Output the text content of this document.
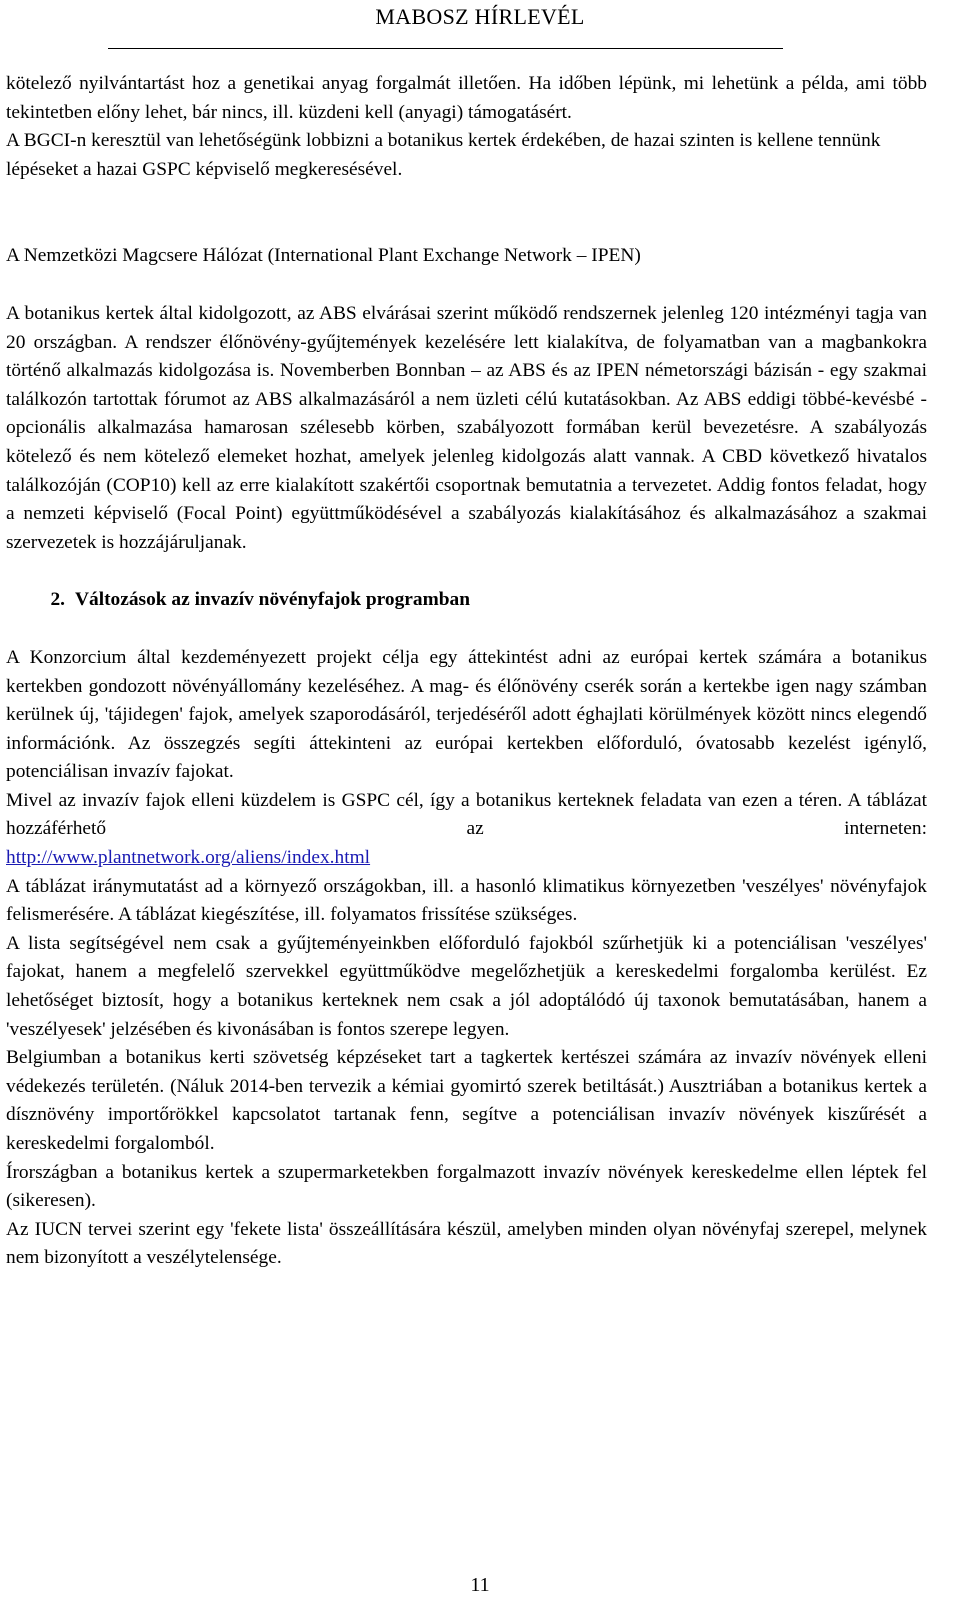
MABOSZ HÍRLEVÉL

kötelező nyilvántartást hoz a genetikai anyag forgalmát illetően. Ha időben lépünk, mi lehetünk a példa, ami több tekintetben előny lehet, bár nincs, ill. küzdeni kell (anyagi) támogatásért.

A BGCI-n keresztül van lehetőségünk lobbizni a botanikus kertek érdekében, de hazai szinten is kellene tennünk lépéseket a hazai GSPC képviselő megkeresésével.

A Nemzetközi Magcsere Hálózat (International Plant Exchange Network – IPEN)

A botanikus kertek által kidolgozott, az ABS elvárásai szerint működő rendszernek jelenleg 120 intézményi tagja van 20 országban. A rendszer élőnövény-gyűjtemények kezelésére lett kialakítva, de folyamatban van a magbankokra történő alkalmazás kidolgozása is. Novemberben Bonnban – az ABS és az IPEN németországi bázisán - egy szakmai találkozón tartottak fórumot az ABS alkalmazásáról a nem üzleti célú kutatásokban. Az ABS eddigi többé-kevésbé - opcionális alkalmazása hamarosan szélesebb körben, szabályozott formában kerül bevezetésre. A szabályozás kötelező és nem kötelező elemeket hozhat, amelyek jelenleg kidolgozás alatt vannak. A CBD következő hivatalos találkozóján (COP10) kell az erre kialakított szakértői csoportnak bemutatnia a tervezetet. Addig fontos feladat, hogy a nemzeti képviselő (Focal Point) együttműködésével a szabályozás kialakításához és alkalmazásához a szakmai szervezetek is hozzájáruljanak.

2. Változások az invazív növényfajok programban

A Konzorcium által kezdeményezett projekt célja egy áttekintést adni az európai kertek számára a botanikus kertekben gondozott növényállomány kezeléséhez. A mag- és élőnövény cserék során a kertekbe igen nagy számban kerülnek új, 'tájidegen' fajok, amelyek szaporodásáról, terjedéséről adott éghajlati körülmények között nincs elegendő információnk. Az összegzés segíti áttekinteni az európai kertekben előforduló, óvatosabb kezelést igénylő, potenciálisan invazív fajokat.

Mivel az invazív fajok elleni küzdelem is GSPC cél, így a botanikus kerteknek feladata van ezen a téren. A táblázat hozzáférhető az interneten:

http://www.plantnetwork.org/aliens/index.html

A táblázat iránymutatást ad a környező országokban, ill. a hasonló klimatikus környezetben 'veszélyes' növényfajok felismerésére. A táblázat kiegészítése, ill. folyamatos frissítése szükséges.

A lista segítségével nem csak a gyűjteményeinkben előforduló fajokból szűrhetjük ki a potenciálisan 'veszélyes' fajokat, hanem a megfelelő szervekkel együttműködve megelőzhetjük a kereskedelmi forgalomba kerülést. Ez lehetőséget biztosít, hogy a botanikus kerteknek nem csak a jól adoptálódó új taxonok bemutatásában, hanem a 'veszélyesek' jelzésében és kivonásában is fontos szerepe legyen.

Belgiumban a botanikus kerti szövetség képzéseket tart a tagkertek kertészei számára az invazív növények elleni védekezés területén. (Náluk 2014-ben tervezik a kémiai gyomirtó szerek betiltását.) Ausztriában a botanikus kertek a dísznövény importőrökkel kapcsolatot tartanak fenn, segítve a potenciálisan invazív növények kiszűrését a kereskedelmi forgalomból.

Írországban a botanikus kertek a szupermarketekben forgalmazott invazív növények kereskedelme ellen léptek fel (sikeresen).

Az IUCN tervei szerint egy 'fekete lista' összeállítására készül, amelyben minden olyan növényfaj szerepel, melynek nem bizonyított a veszélytelensége.

11
